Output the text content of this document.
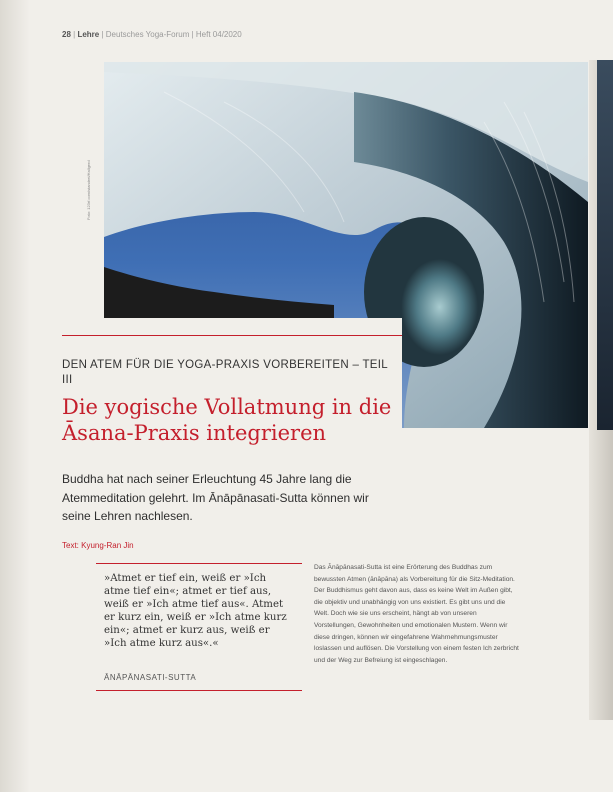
28 | Lehre | Deutsches Yoga-Forum | Heft 04/2020
Foto: 123rf.com/standret/Hallgerd
DEN ATEM FÜR DIE YOGA-PRAXIS VORBEREITEN – TEIL III
Die yogische Vollatmung in die Āsana-Praxis integrieren
Buddha hat nach seiner Erleuchtung 45 Jahre lang die Atemmeditation gelehrt. Im Ānāpānasati-Sutta können wir seine Lehren nachlesen.
Text: Kyung-Ran Jin
»Atmet er tief ein, weiß er »Ich atme tief ein«; atmet er tief aus, weiß er »Ich atme tief aus«. Atmet er kurz ein, weiß er »Ich atme kurz ein«; atmet er kurz aus, weiß er »Ich atme kurz aus«.«
ĀNĀPĀNASATI-SUTTA
Das Ānāpānasati-Sutta ist eine Erörterung des Buddhas zum bewussten Atmen (ānāpāna) als Vorbereitung für die Sitz-Meditation. Der Buddhismus geht davon aus, dass es keine Welt im Außen gibt, die objektiv und unabhängig von uns existiert. Es gibt uns und die Welt. Doch wie sie uns erscheint, hängt ab von unseren Vorstellungen, Gewohnheiten und emotionalen Mustern. Wenn wir diese dringen, können wir eingefahrene Wahrnehmungsmuster loslassen und auflösen. Die Vorstellung von einem festen Ich zerbricht und der Weg zur Befreiung ist eingeschlagen.
